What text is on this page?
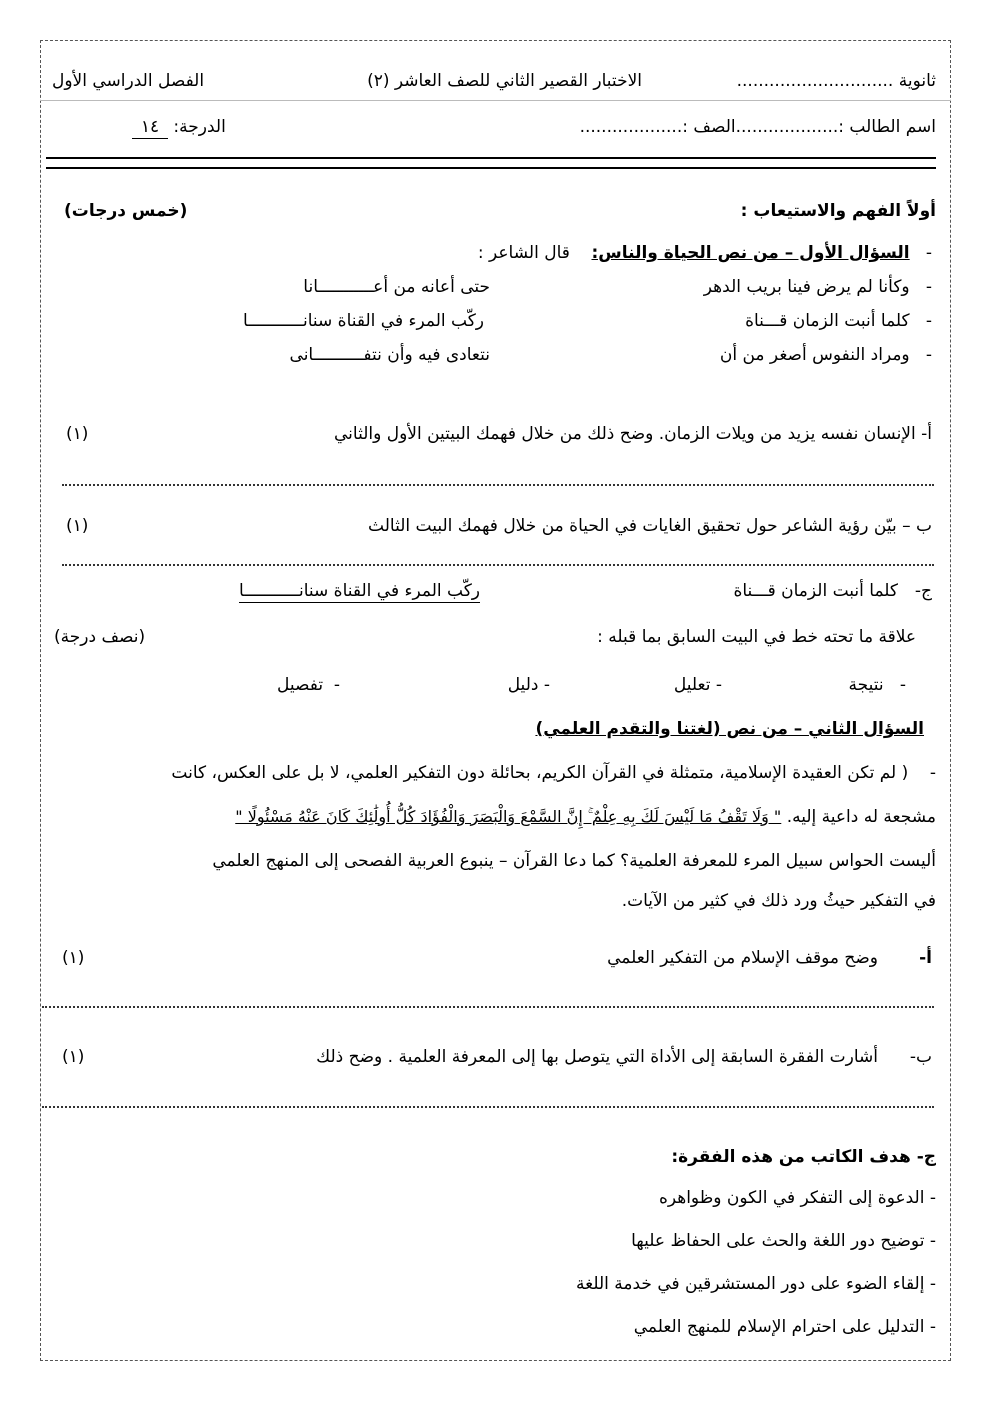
ثانوية .............................
الاختبار القصير الثاني للصف العاشر (٢)
الفصل الدراسي الأول
اسم الطالب :...................الصف :...................
الدرجة: ١٤
أولاً الفهم والاستيعاب :
(خمس درجات)
-   السؤال الأول – من نص الحياة والناس:    قال الشاعر :
-   وكأنا لم يرض فينا بريب الدهر
حتى أعانه من أعـــــــــــانا
-   كلما أنبت الزمان قـــناة
ركّب المرء في القناة سنانـــــــــــا
-   ومراد النفوس أصغر من أن
نتعادى فيه وأن نتفــــــــــانى
أ- الإنسان نفسه يزيد من ويلات الزمان. وضح ذلك من خلال فهمك البيتين الأول والثاني
(١)
ب – بيّن رؤية الشاعر حول تحقيق الغايات في الحياة من خلال فهمك البيت الثالث
(١)
ج-
كلما أنبت الزمان قـــناة
ركّب المرء في القناة سنانـــــــــــا
علاقة ما تحته خط في البيت السابق بما قبله :
(نصف درجة)
-   نتيجة
- تعليل
- دليل
-  تفصيل
السؤال الثاني – من نص (لغتنا والتقدم العلمي)
-    ( لم تكن العقيدة الإسلامية، متمثلة في القرآن الكريم، بحائلة دون التفكير العلمي، لا بل على العكس، كانت
مشجعة له داعية إليه. " وَلَا تَقْفُ مَا لَيْسَ لَكَ بِهِ عِلْمٌ ۚ إِنَّ السَّمْعَ وَالْبَصَرَ وَالْفُؤَادَ كُلُّ أُولَٰئِكَ كَانَ عَنْهُ مَسْئُولًا "
أليست الحواس سبيل المرء للمعرفة العلمية؟ كما دعا القرآن – ينبوع العربية الفصحى إلى المنهج العلمي
في التفكير حيثُ ورد ذلك في كثير من الآيات.
أ-
وضح موقف الإسلام من التفكير العلمي
(١)
ب-
أشارت الفقرة السابقة إلى الأداة التي يتوصل بها إلى المعرفة العلمية . وضح ذلك
(١)
ج- هدف الكاتب من هذه الفقرة:
- الدعوة إلى التفكر في الكون وظواهره
- توضيح دور اللغة والحث على الحفاظ عليها
- إلقاء الضوء على دور المستشرقين في خدمة اللغة
- التدليل على احترام الإسلام للمنهج العلمي
